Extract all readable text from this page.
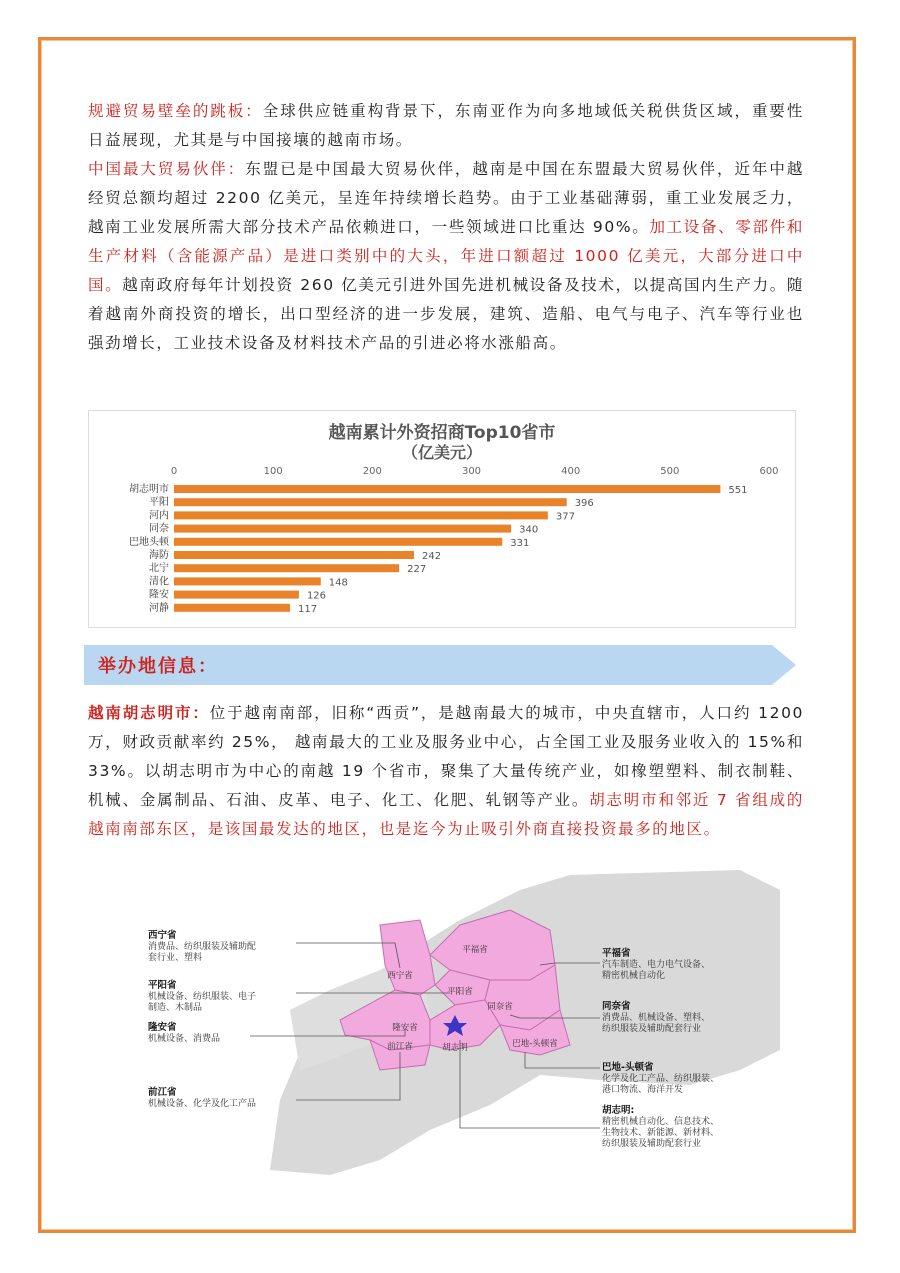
规避贸易壁垒的跳板：全球供应链重构背景下，东南亚作为向多地域低关税供货区域，重要性日益展现，尤其是与中国接壤的越南市场。

中国最大贸易伙伴：东盟已是中国最大贸易伙伴，越南是中国在东盟最大贸易伙伴，近年中越经贸总额均超过 2200 亿美元，呈连年持续增长趋势。由于工业基础薄弱，重工业发展乏力，越南工业发展所需大部分技术产品依赖进口，一些领域进口比重达 90%。加工设备、零部件和生产材料（含能源产品）是进口类别中的大头，年进口额超过 1000 亿美元，大部分进口中国。越南政府每年计划投资 260 亿美元引进外国先进机械设备及技术，以提高国内生产力。随着越南外商投资的增长，出口型经济的进一步发展，建筑、造船、电气与电子、汽车等行业也强劲增长，工业技术设备及材料技术产品的引进必将水涨船高。

越南累计外资招商Top10省市
（亿美元）
0	100	200	300	400	500	600
胡志明市	551
平阳	396
河内	377
同奈	340
巴地头顿	331
海防	242
北宁	227
清化	148
隆安	126
河静	117
举办地信息：

越南胡志明市：位于越南南部，旧称“西贡”，是越南最大的城市，中央直辖市，人口约 1200 万，财政贡献率约 25%， 越南最大的工业及服务业中心，占全国工业及服务业收入的 15%和 33%。以胡志明市为中心的南越 19 个省市，聚集了大量传统产业，如橡塑塑料、制衣制鞋、机械、金属制品、石油、皮革、电子、化工、化肥、轧钢等产业。胡志明市和邻近 7 省组成的越南南部东区，是该国最发达的地区，也是迄今为止吸引外商直接投资最多的地区。

西宁省
平福省
平阳省
同奈省
隆安省
前江省	胡志明	巴地-头顿省
西宁省
消费品、纺织服装及辅助配
套行业、塑料
平阳省
机械设备、纺织服装、电子
制造、木制品
隆安省
机械设备、消费品
前江省
机械设备、化学及化工产品
平福省
汽车制造、电力电气设备、
精密机械自动化
同奈省
消费品、机械设备、塑料、
纺织服装及辅助配套行业
巴地-头顿省
化学及化工产品、纺织服装、
港口物流、海洋开发
胡志明:
精密机械自动化、信息技术、
生物技术、新能源、新材料、
纺织服装及辅助配套行业
